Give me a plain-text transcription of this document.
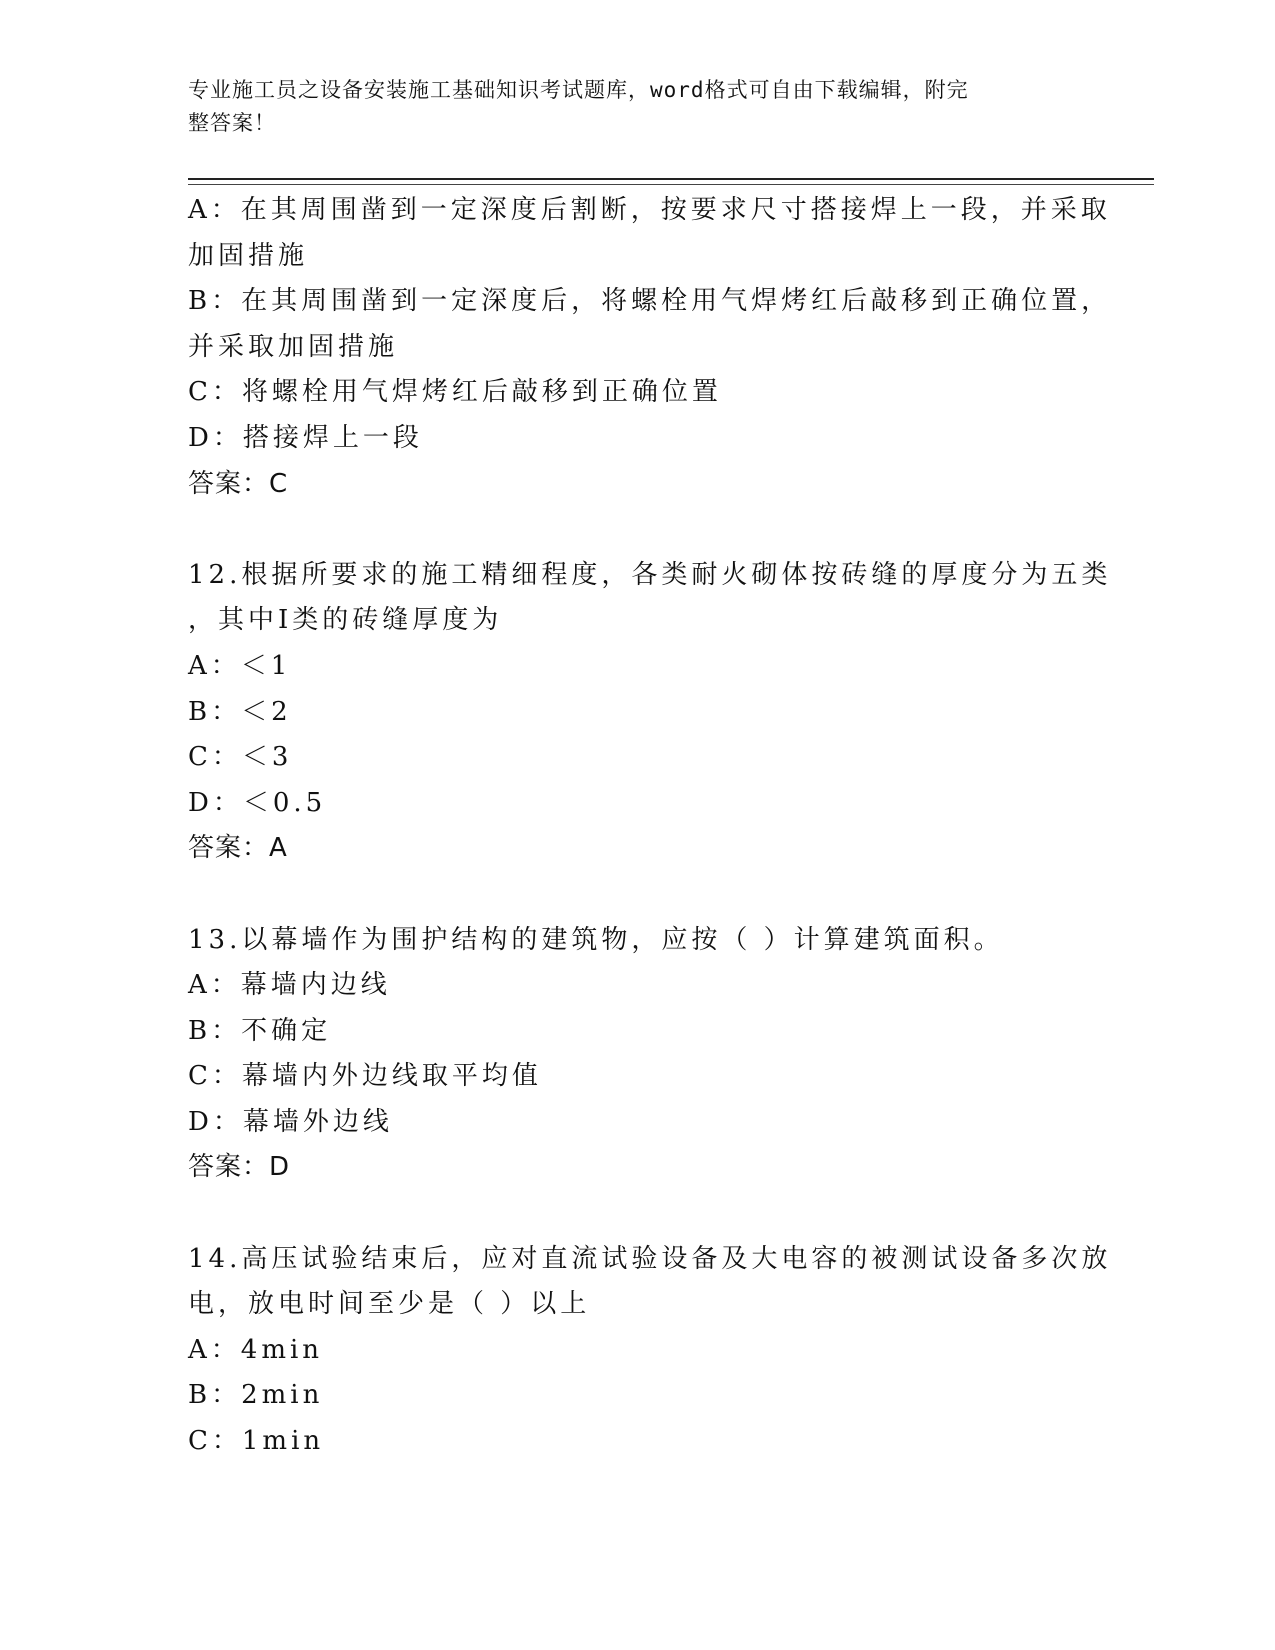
专业施工员之设备安装施工基础知识考试题库，word格式可自由下载编辑，附完
整答案！
A：在其周围凿到一定深度后割断，按要求尺寸搭接焊上一段，并采取
加固措施
B：在其周围凿到一定深度后，将螺栓用气焊烤红后敲移到正确位置，
并采取加固措施
C：将螺栓用气焊烤红后敲移到正确位置
D：搭接焊上一段
答案：C
12.根据所要求的施工精细程度，各类耐火砌体按砖缝的厚度分为五类
，其中Ⅰ类的砖缝厚度为
A：＜1
B：＜2
C：＜3
D：＜0.5
答案：A
13.以幕墙作为围护结构的建筑物，应按（ ）计算建筑面积。
A：幕墙内边线
B：不确定
C：幕墙内外边线取平均值
D：幕墙外边线
答案：D
14.高压试验结束后，应对直流试验设备及大电容的被测试设备多次放
电，放电时间至少是（ ）以上
A：4min
B：2min
C：1min
